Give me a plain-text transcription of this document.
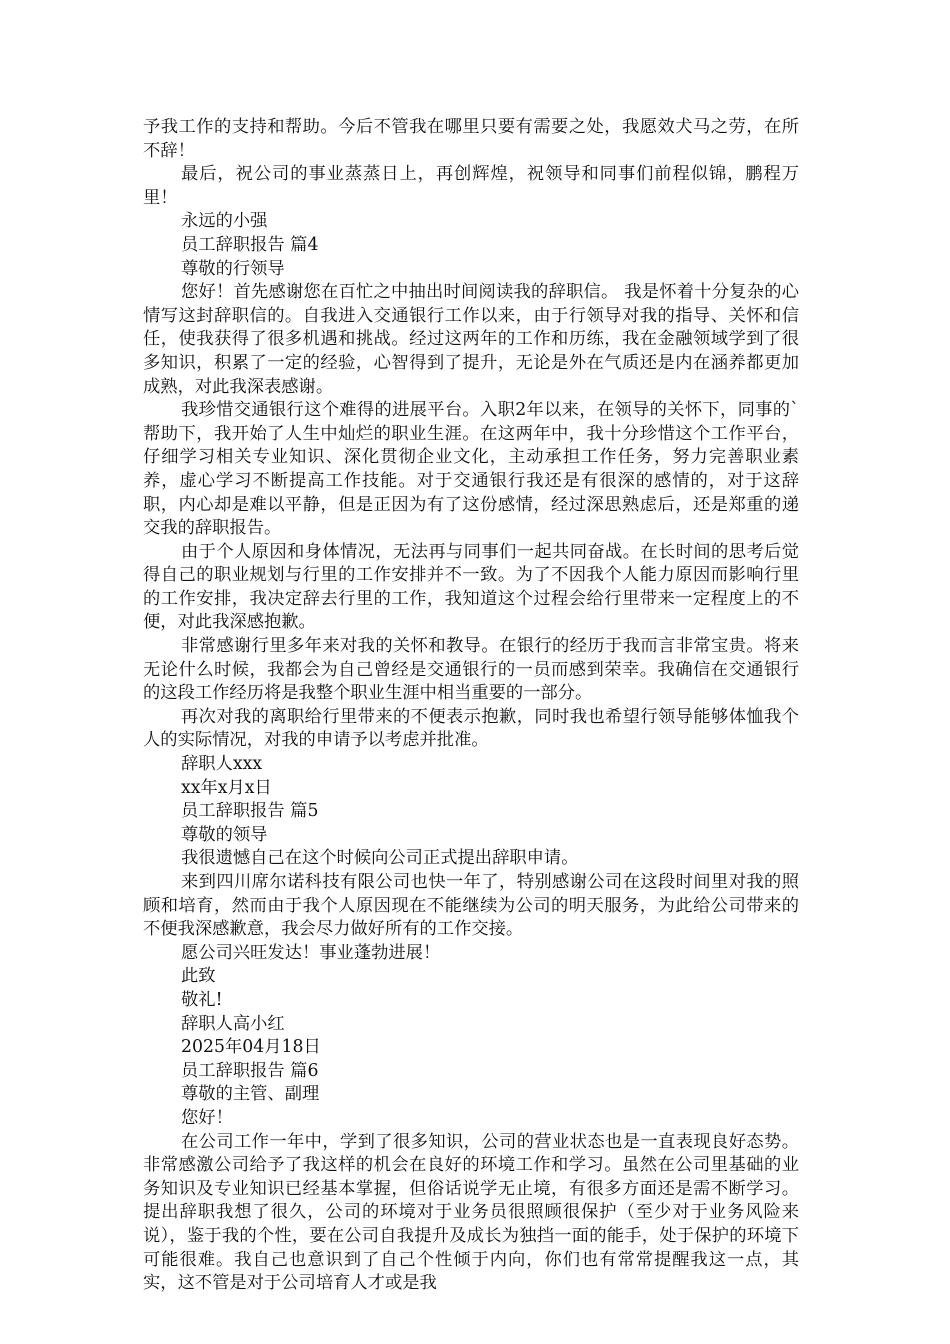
予我工作的支持和帮助。今后不管我在哪里只要有需要之处，我愿效犬马之劳，在所不辞！

最后，祝公司的事业蒸蒸日上，再创辉煌，祝领导和同事们前程似锦，鹏程万里！

永远的小强

员工辞职报告 篇4

尊敬的行领导

您好！首先感谢您在百忙之中抽出时间阅读我的辞职信。 我是怀着十分复杂的心情写这封辞职信的。自我进入交通银行工作以来，由于行领导对我的指导、关怀和信任，使我获得了很多机遇和挑战。经过这两年的工作和历练，我在金融领域学到了很多知识，积累了一定的经验，心智得到了提升，无论是外在气质还是内在涵养都更加成熟，对此我深表感谢。

我珍惜交通银行这个难得的进展平台。入职2年以来，在领导的关怀下，同事的`帮助下，我开始了人生中灿烂的职业生涯。在这两年中，我十分珍惜这个工作平台，仔细学习相关专业知识、深化贯彻企业文化，主动承担工作任务，努力完善职业素养，虚心学习不断提高工作技能。对于交通银行我还是有很深的感情的，对于这辞职，内心却是难以平静，但是正因为有了这份感情，经过深思熟虑后，还是郑重的递交我的辞职报告。

由于个人原因和身体情况，无法再与同事们一起共同奋战。在长时间的思考后觉得自己的职业规划与行里的工作安排并不一致。为了不因我个人能力原因而影响行里的工作安排，我决定辞去行里的工作，我知道这个过程会给行里带来一定程度上的不便，对此我深感抱歉。

非常感谢行里多年来对我的关怀和教导。在银行的经历于我而言非常宝贵。将来无论什么时候，我都会为自己曾经是交通银行的一员而感到荣幸。我确信在交通银行的这段工作经历将是我整个职业生涯中相当重要的一部分。

再次对我的离职给行里带来的不便表示抱歉，同时我也希望行领导能够体恤我个人的实际情况，对我的申请予以考虑并批准。

辞职人xxx

xx年x月x日

员工辞职报告 篇5

尊敬的领导

我很遗憾自己在这个时候向公司正式提出辞职申请。

来到四川席尔诺科技有限公司也快一年了，特别感谢公司在这段时间里对我的照顾和培育，然而由于我个人原因现在不能继续为公司的明天服务，为此给公司带来的不便我深感歉意，我会尽力做好所有的工作交接。

愿公司兴旺发达！事业蓬勃进展！

此致

敬礼!

辞职人高小红

2025年04月18日

员工辞职报告 篇6

尊敬的主管、副理

您好！

在公司工作一年中，学到了很多知识，公司的营业状态也是一直表现良好态势。非常感激公司给予了我这样的机会在良好的环境工作和学习。虽然在公司里基础的业务知识及专业知识已经基本掌握，但俗话说学无止境，有很多方面还是需不断学习。提出辞职我想了很久，公司的环境对于业务员很照顾很保护（至少对于业务风险来说），鉴于我的个性，要在公司自我提升及成长为独挡一面的能手，处于保护的环境下可能很难。我自己也意识到了自己个性倾于内向，你们也有常常提醒我这一点，其实，这不管是对于公司培育人才或是我
